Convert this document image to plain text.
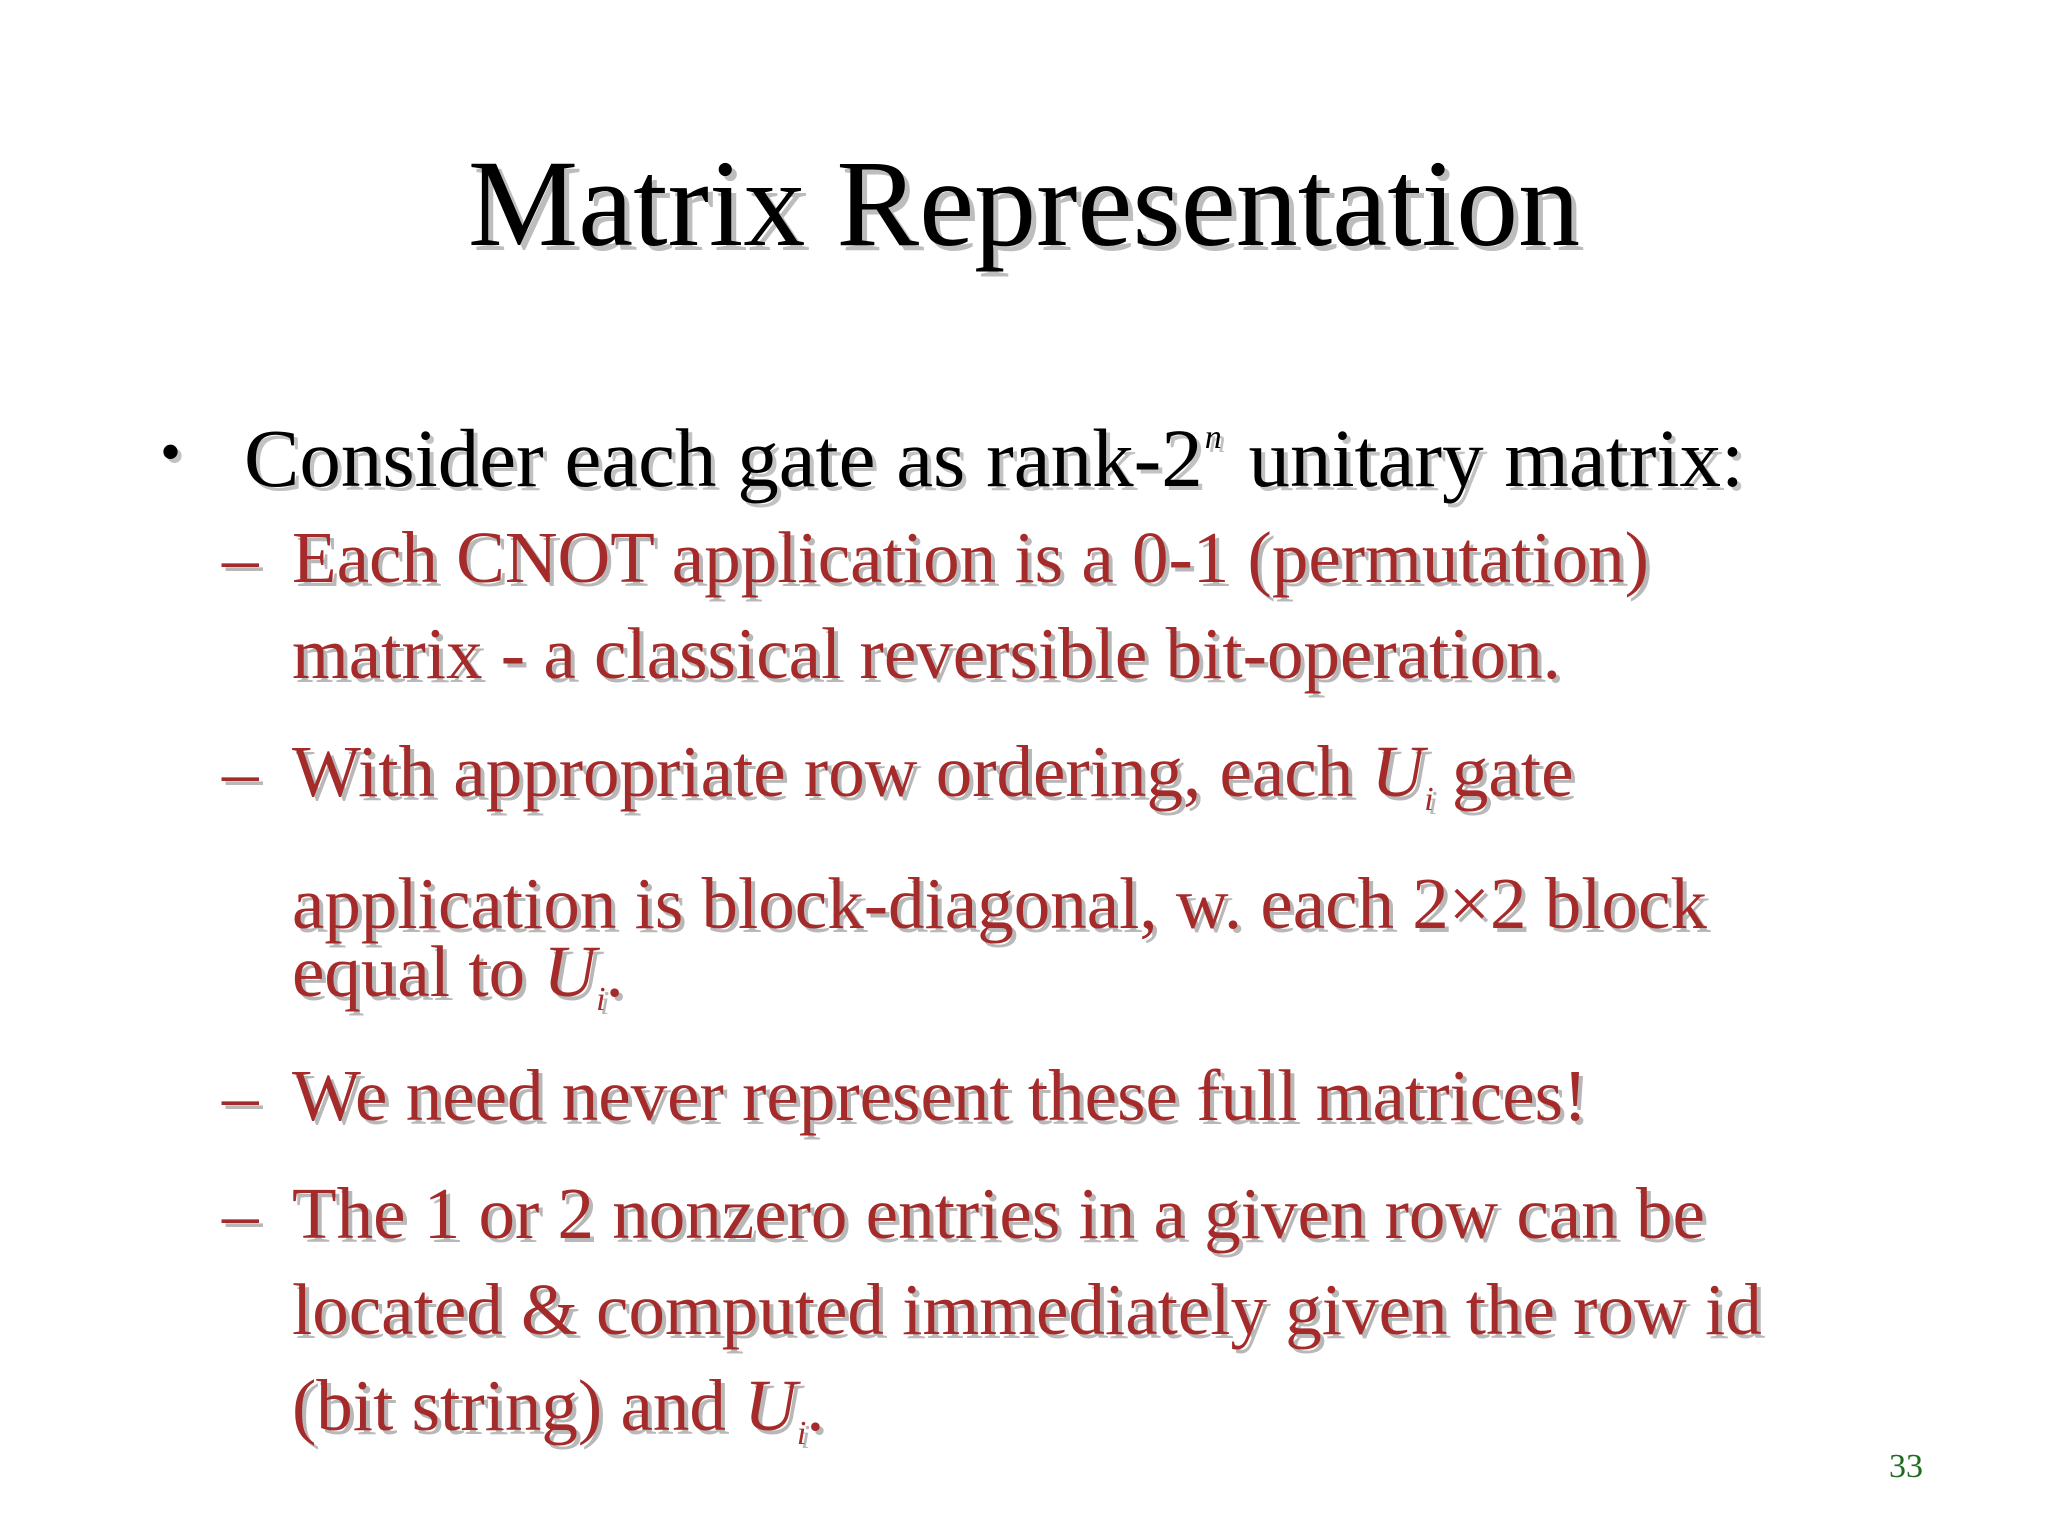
Matrix Representation
• Consider each gate as rank-2$^n$ unitary matrix:
– Each CNOT application is a 0-1 (permutation)
matrix - a classical reversible bit-operation.
– With appropriate row ordering, each Ui gate
application is block-diagonal, w. each 2×2 block
equal to Ui.
– We need never represent these full matrices!
– The 1 or 2 nonzero entries in a given row can be
located & computed immediately given the row id
(bit string) and Ui.
33
